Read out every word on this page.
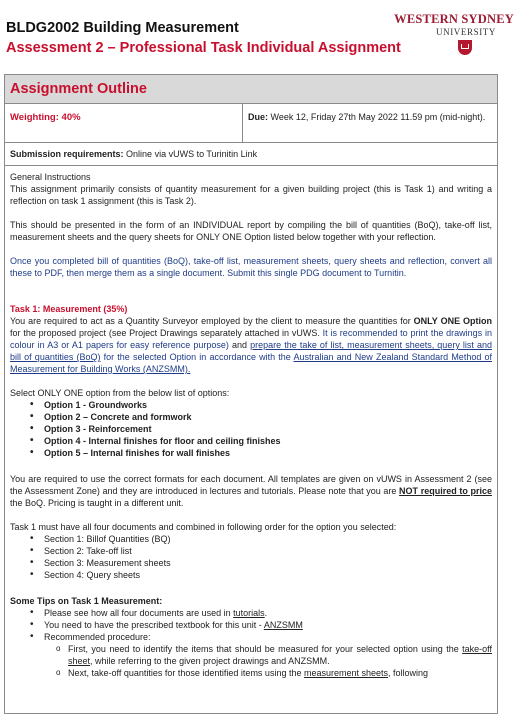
BLDG2002 Building Measurement
Assessment 2 – Professional Task Individual Assignment
WESTERN SYDNEY
UNIVERSITY
Assignment Outline
Weighting: 40%	Due: Week 12, Friday 27th May 2022 11.59 pm (mid-night).
Submission requirements: Online via vUWS to Turinitin Link

General Instructions

This assignment primarily consists of quantity measurement for a given building project (this is Task 1) and writing a reflection on task 1 assignment (this is Task 2).

This should be presented in the form of an INDIVIDUAL report by compiling the bill of quantities (BoQ), take-off list, measurement sheets and the query sheets for ONLY ONE Option listed below together with your reflection.

Once you completed bill of quantities (BoQ), take-off list, measurement sheets, query sheets and reflection, convert all these to PDF, then merge them as a single document. Submit this single PDG document to Turnitin.

Task 1: Measurement (35%)

You are required to act as a Quantity Surveyor employed by the client to measure the quantities for ONLY ONE Option for the proposed project (see Project Drawings separately attached in vUWS. It is recommended to print the drawings in colour in A3 or A1 papers for easy reference purpose) and prepare the take of list, measurement sheets, query list and bill of quantities (BoQ) for the selected Option in accordance with the Australian and New Zealand Standard Method of Measurement for Building Works (ANZSMM).

Select ONLY ONE option from the below list of options:

• Option 1 - Groundworks
• Option 2 – Concrete and formwork
• Option 3 - Reinforcement
• Option 4 - Internal finishes for floor and ceiling finishes
• Option 5 – Internal finishes for wall finishes

You are required to use the correct formats for each document. All templates are given on vUWS in Assessment 2 (see the Assessment Zone) and they are introduced in lectures and tutorials. Please note that you are NOT required to price the BoQ. Pricing is taught in a different unit.

Task 1 must have all four documents and combined in following order for the option you selected:

• Section 1: Billof Quantities (BQ)
• Section 2: Take-off list
• Section 3: Measurement sheets
• Section 4: Query sheets

Some Tips on Task 1 Measurement:

• Please see how all four documents are used in tutorials.
• You need to have the prescribed textbook for this unit - ANZSMM
• Recommended procedure:
o First, you need to identify the items that should be measured for your selected option using the take-off sheet, while referring to the given project drawings and ANZSMM.
o Next, take-off quantities for those identified items using the measurement sheets, following
